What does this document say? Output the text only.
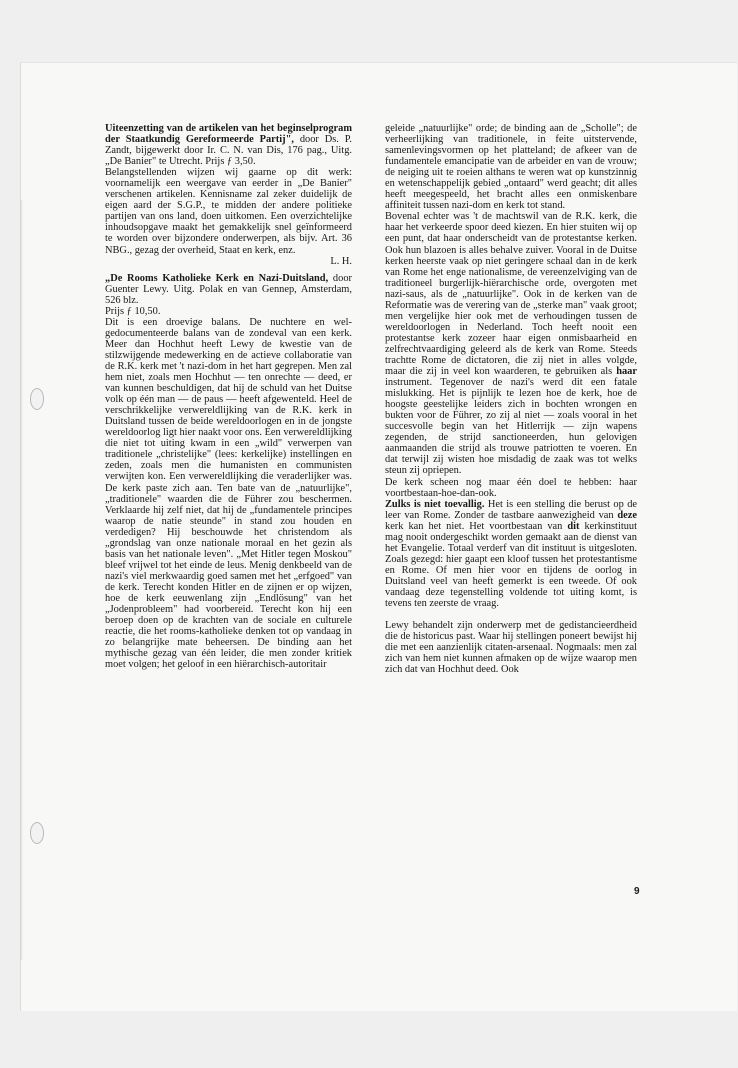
Uiteenzetting van de artikelen van het beginselprogram der Staatkundig Gereformeerde Partij", door Ds. P. Zandt, bijgewerkt door Ir. C. N. van Dis, 176 pag., Uitg. „De Banier" te Utrecht. Prijs ƒ 3,50.

Belangstellenden wijzen wij gaarne op dit werk: voornamelijk een weergave van eerder in „De Banier" verschenen artikelen. Kennisname zal zeker duidelijk de eigen aard der S.G.P., te midden der andere politieke partijen van ons land, doen uitkomen. Een overzichtelijke inhoudsopgave maakt het gemakkelijk snel geïnformeerd te worden over bijzondere onderwerpen, als bijv. Art. 36 NBG., gezag der overheid, Staat en kerk, enz.

L. H.

„De Rooms Katholieke Kerk en Nazi-Duitsland, door Guenter Lewy. Uitg. Polak en van Gennep, Amsterdam, 526 blz.

Prijs ƒ 10,50.

Dit is een droevige balans. De nuchtere en wel-gedocumenteerde balans van de zondeval van een kerk. Meer dan Hochhut heeft Lewy de kwestie van de stilzwijgende medewerking en de actieve collaboratie van de R.K. kerk met 't nazi-dom in het hart gegrepen. Men zal hem niet, zoals men Hochhut — ten onrechte — deed, er van kunnen beschuldigen, dat hij de schuld van het Duitse volk op één man — de paus — heeft afgewenteld. Heel de verschrikkelijke verwereldlijking van de R.K. kerk in Duitsland tussen de beide wereldoorlogen en in de jongste wereldoorlog ligt hier naakt voor ons. Een verwereldlijking die niet tot uiting kwam in een „wild" verwerpen van traditionele „christelijke" (lees: kerkelijke) instellingen en zeden, zoals men die humanisten en communisten verwijten kon. Een verwereldlijking die veraderlijker was. De kerk paste zich aan. Ten bate van de „natuurlijke", „traditionele" waarden die de Führer zou beschermen. Verklaarde hij zelf niet, dat hij de „fundamentele principes waarop de natie steunde" in stand zou houden en verdedigen? Hij beschouwde het christendom als „grondslag van onze nationale moraal en het gezin als basis van het nationale leven". „Met Hitler tegen Moskou" bleef vrijwel tot het einde de leus. Menig denkbeeld van de nazi's viel merkwaardig goed samen met het „erfgoed" van de kerk. Terecht konden Hitler en de zijnen er op wijzen, hoe de kerk eeuwenlang zijn „Endlösung" van het „Jodenprobleem" had voorbereid. Terecht kon hij een beroep doen op de krachten van de sociale en culturele reactie, die het rooms-katholieke denken tot op vandaag in zo belangrijke mate beheersen. De binding aan het mythische gezag van één leider, die men zonder kritiek moet volgen; het geloof in een hiërarchisch-autoritair

geleide „natuurlijke" orde; de binding aan de „Scholle"; de verheerlijking van traditionele, in feite uitstervende, samenlevingsvormen op het platteland; de afkeer van de fundamentele emancipatie van de arbeider en van de vrouw; de neiging uit te roeien althans te weren wat op kunstzinnig en wetenschappelijk gebied „ontaard" werd geacht; dit alles heeft meegespeeld, het bracht alles een onmiskenbare affiniteit tussen nazi-dom en kerk tot stand.

Bovenal echter was 't de machtswil van de R.K. kerk, die haar het verkeerde spoor deed kiezen. En hier stuiten wij op een punt, dat haar onderscheidt van de protestantse kerken. Ook hun blazoen is alles behalve zuiver. Vooral in de Duitse kerken heerste vaak op niet geringere schaal dan in de kerk van Rome het enge nationalisme, de vereenzelviging van de traditioneel burgerlijk-hiërarchische orde, overgoten met nazi-saus, als de „natuurlijke". Ook in de kerken van de Reformatie was de verering van de „sterke man" vaak groot; men vergelijke hier ook met de verhoudingen tussen de wereldoorlogen in Nederland. Toch heeft nooit een protestantse kerk zozeer haar eigen onmisbaarheid en zelfrechtvaardiging geleerd als de kerk van Rome. Steeds trachtte Rome de dictatoren, die zij niet in alles volgde, maar die zij in veel kon waarderen, te gebruiken als haar instrument. Tegenover de nazi's werd dit een fatale mislukking. Het is pijnlijk te lezen hoe de kerk, hoe de hoogste geestelijke leiders zich in bochten wrongen en bukten voor de Führer, zo zij al niet — zoals vooral in het succesvolle begin van het Hitlerrijk — zijn wapens zegenden, de strijd sanctioneerden, hun gelovigen aanmaanden die strijd als trouwe patriotten te voeren. En dat terwijl zij wisten hoe misdadig de zaak was tot welks steun zij opriepen.

De kerk scheen nog maar één doel te hebben: haar voortbestaan-hoe-dan-ook.

Zulks is niet toevallig. Het is een stelling die berust op de leer van Rome. Zonder de tastbare aanwezigheid van deze kerk kan het niet. Het voortbestaan van dit kerkinstituut mag nooit ondergeschikt worden gemaakt aan de dienst van het Evangelie. Totaal verderf van dit instituut is uitgesloten. Zoals gezegd: hier gaapt een kloof tussen het protestantisme en Rome. Of men hier voor en tijdens de oorlog in Duitsland veel van heeft gemerkt is een tweede. Of ook vandaag deze tegenstelling voldende tot uiting komt, is tevens ten zeerste de vraag.

Lewy behandelt zijn onderwerp met de gedistancieerdheid die de historicus past. Waar hij stellingen poneert bewijst hij die met een aanzienlijk citaten-arsenaal. Nogmaals: men zal zich van hem niet kunnen afmaken op de wijze waarop men zich dat van Hochhut deed. Ook

9
